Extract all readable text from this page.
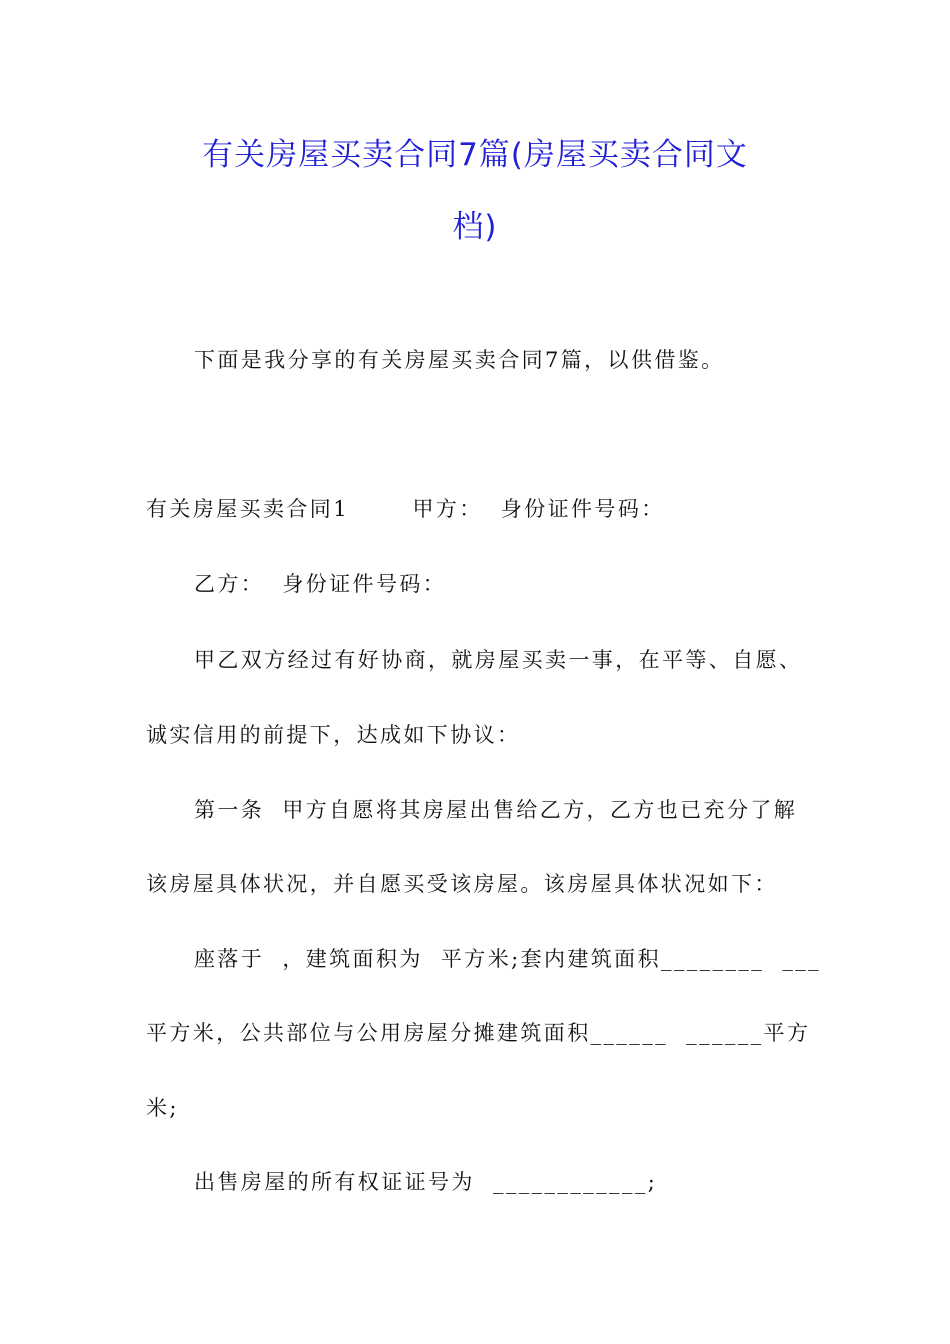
有关房屋买卖合同7篇(房屋买卖合同文
档)
下面是我分享的有关房屋买卖合同7篇，以供借鉴。
有关房屋买卖合同1       甲方：  身份证件号码：
乙方：  身份证件号码：
甲乙双方经过有好协商，就房屋买卖一事，在平等、自愿、
诚实信用的前提下，达成如下协议：
第一条  甲方自愿将其房屋出售给乙方，乙方也已充分了解
该房屋具体状况，并自愿买受该房屋。该房屋具体状况如下：
座落于  ，建筑面积为  平方米;套内建筑面积________  ___
平方米，公共部位与公用房屋分摊建筑面积______  ______平方
米;
出售房屋的所有权证证号为  ____________;
